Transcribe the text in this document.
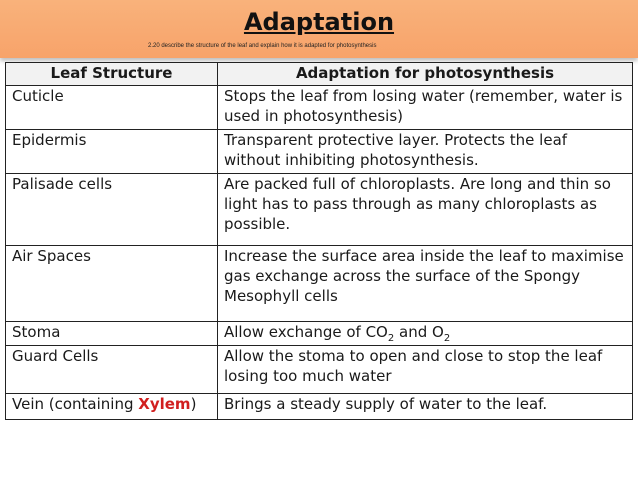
Adaptation
2.20 describe the structure of the leaf and explain how it is adapted for photosynthesis
Leaf Structure	Adaptation for photosynthesis
Cuticle	Stops the leaf from losing water (remember, water is used in photosynthesis)
Epidermis	Transparent protective layer. Protects the leaf without inhibiting photosynthesis.
Palisade cells	Are packed full of chloroplasts. Are long and thin so light has to pass through as many chloroplasts as possible.
Air Spaces	Increase the surface area inside the leaf to maximise gas exchange across the surface of the Spongy Mesophyll cells
Stoma	Allow exchange of $CO_2$ and $O_2$
Guard Cells	Allow the stoma to open and close to stop the leaf losing too much water
Vein (containing Xylem)	Brings a steady supply of water to the leaf.
